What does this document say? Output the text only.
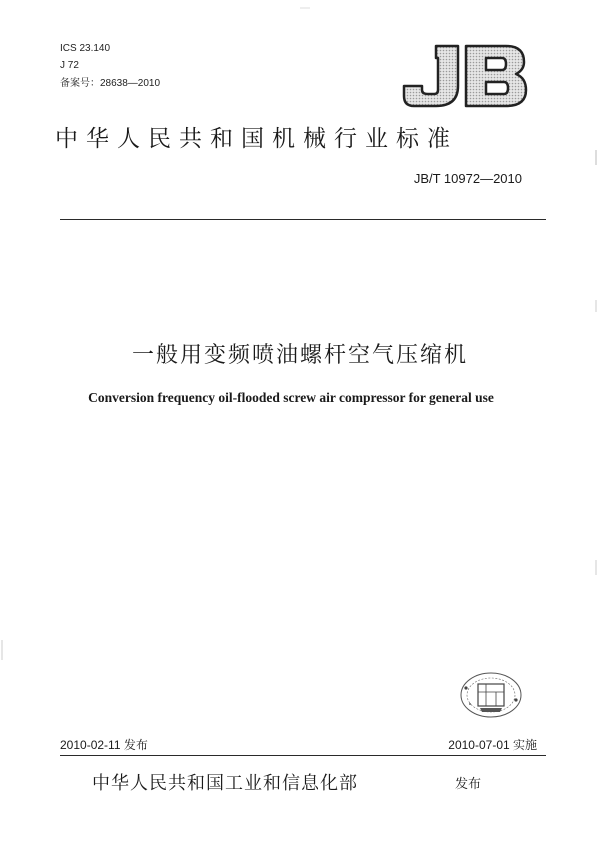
ICS 23.140
J 72
备案号：28638—2010
中华人民共和国机械行业标准
JB/T 10972—2010
一般用变频喷油螺杆空气压缩机
Conversion frequency oil-flooded screw air compressor for general use
2010-02-11 发布	2010-07-01 实施
中华人民共和国工业和信息化部	发布
